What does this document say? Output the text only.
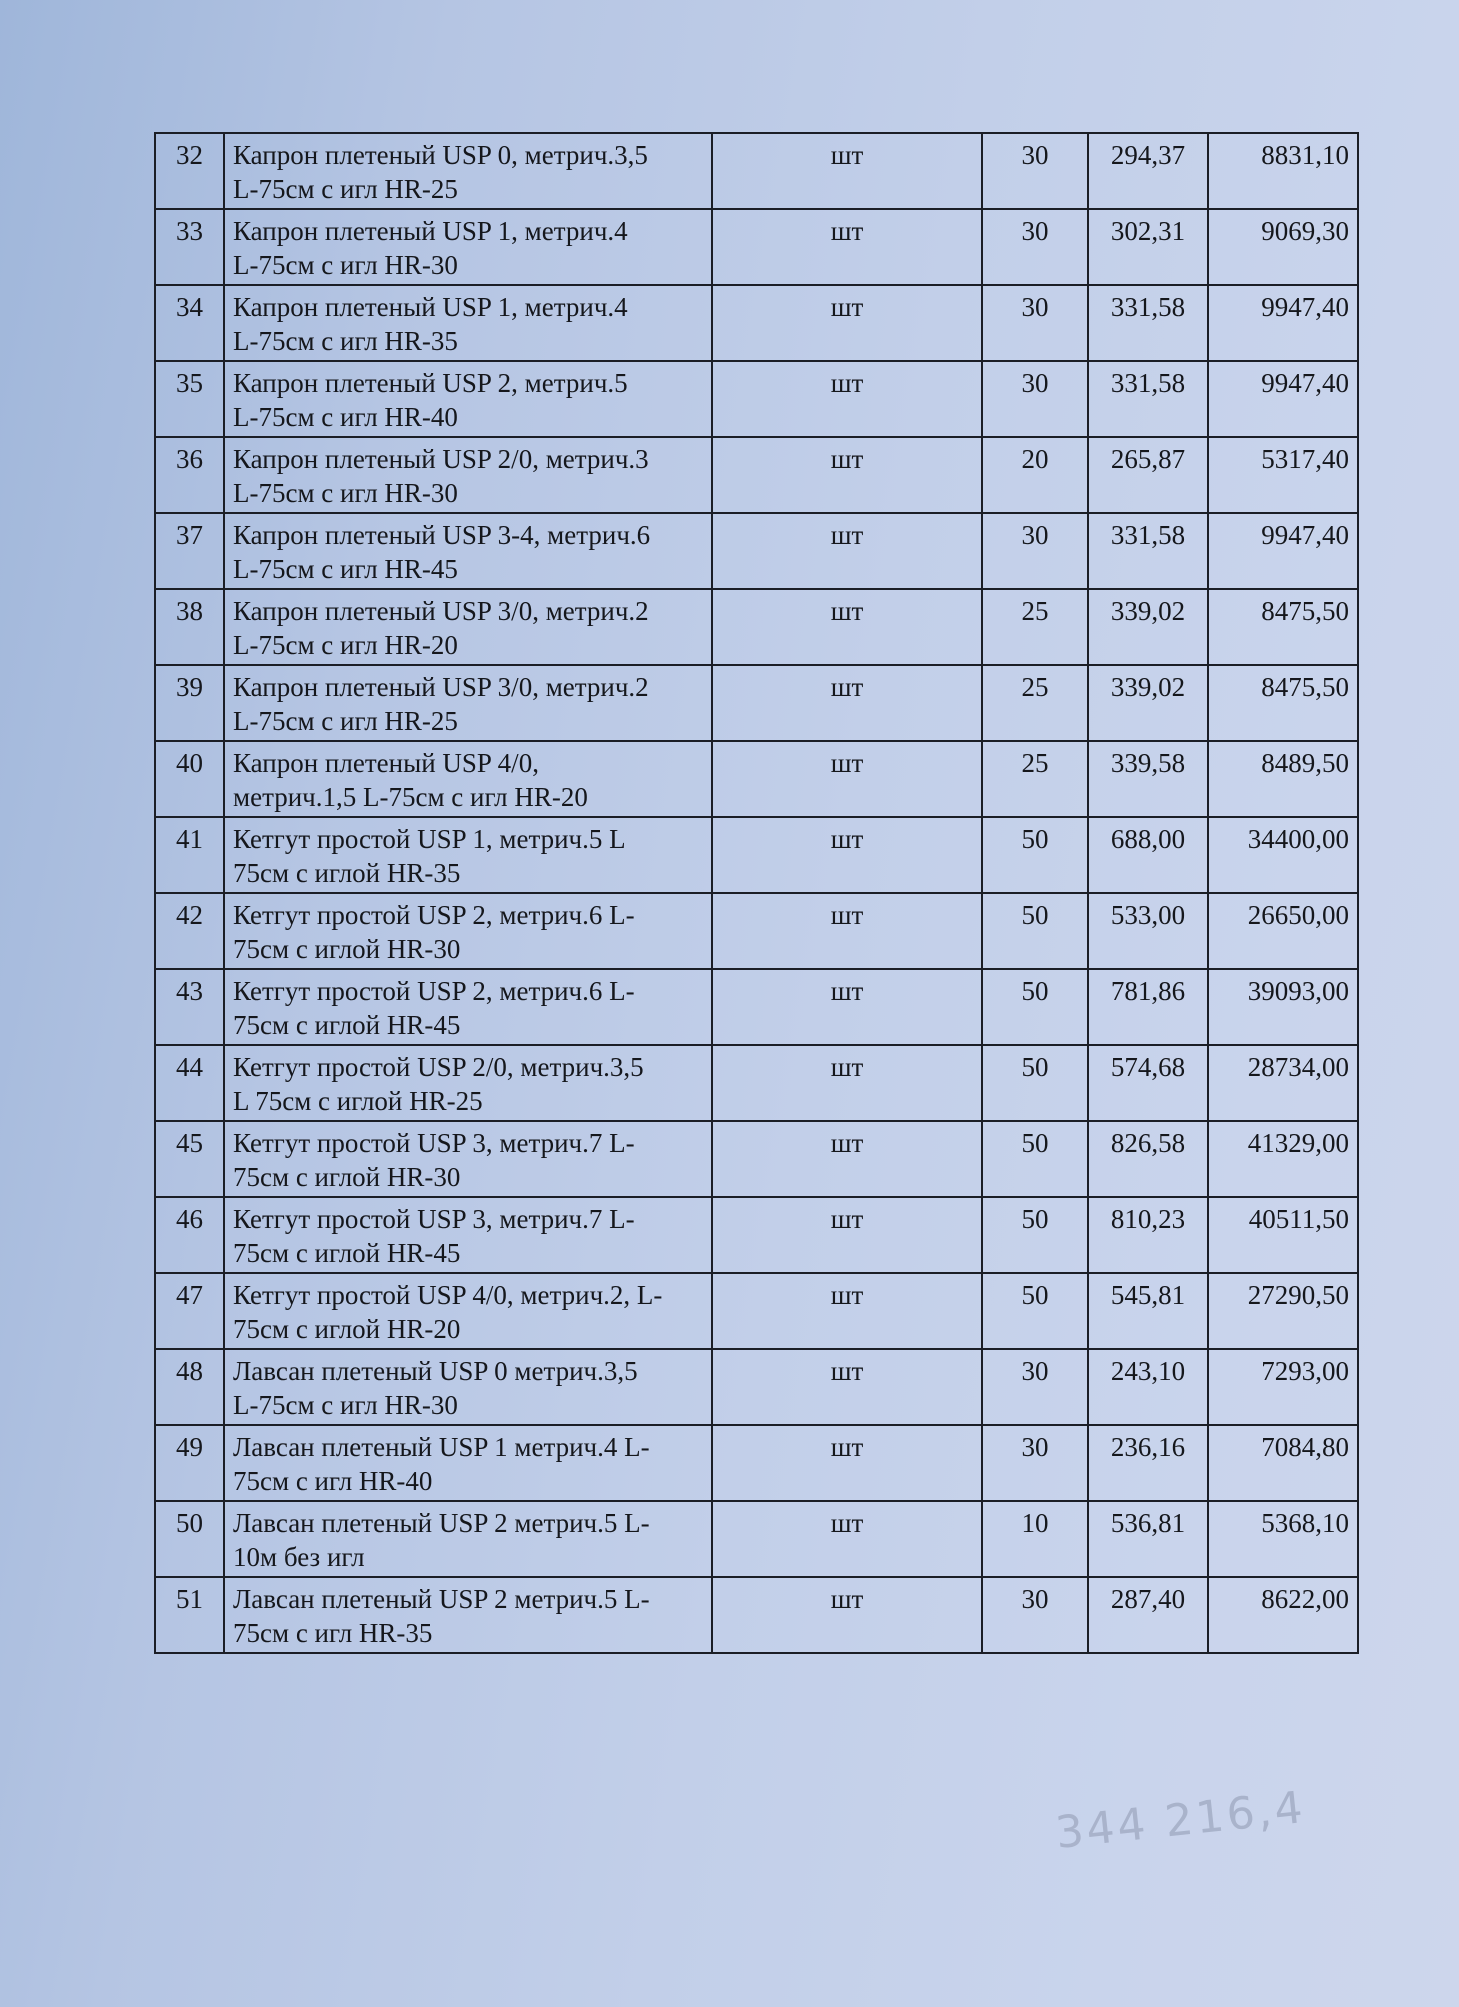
32	Капрон плетеный USP 0, метрич.3,5
L-75см с игл HR-25	шт	30	294,37	8831,10
33	Капрон плетеный USP 1, метрич.4
L-75см с игл HR-30	шт	30	302,31	9069,30
34	Капрон плетеный USP 1, метрич.4
L-75см с игл HR-35	шт	30	331,58	9947,40
35	Капрон плетеный USP 2, метрич.5
L-75см с игл HR-40	шт	30	331,58	9947,40
36	Капрон плетеный USP 2/0, метрич.3
L-75см с игл HR-30	шт	20	265,87	5317,40
37	Капрон плетеный USP 3-4, метрич.6
L-75см с игл HR-45	шт	30	331,58	9947,40
38	Капрон плетеный USP 3/0, метрич.2
L-75см с игл HR-20	шт	25	339,02	8475,50
39	Капрон плетеный USP 3/0, метрич.2
L-75см с игл HR-25	шт	25	339,02	8475,50
40	Капрон плетеный USP 4/0,
метрич.1,5 L-75см с игл HR-20	шт	25	339,58	8489,50
41	Кетгут простой USP 1, метрич.5 L
75см с иглой HR-35	шт	50	688,00	34400,00
42	Кетгут простой USP 2, метрич.6 L-
75см с иглой HR-30	шт	50	533,00	26650,00
43	Кетгут простой USP 2, метрич.6 L-
75см с иглой HR-45	шт	50	781,86	39093,00
44	Кетгут простой USP 2/0, метрич.3,5
L 75см с иглой HR-25	шт	50	574,68	28734,00
45	Кетгут простой USP 3, метрич.7 L-
75см с иглой HR-30	шт	50	826,58	41329,00
46	Кетгут простой USP 3, метрич.7 L-
75см с иглой HR-45	шт	50	810,23	40511,50
47	Кетгут простой USP 4/0, метрич.2, L-
75см с иглой HR-20	шт	50	545,81	27290,50
48	Лавсан плетеный USP 0 метрич.3,5
L-75см с игл HR-30	шт	30	243,10	7293,00
49	Лавсан плетеный USP 1 метрич.4 L-
75см с игл HR-40	шт	30	236,16	7084,80
50	Лавсан плетеный USP 2 метрич.5 L-
10м без игл	шт	10	536,81	5368,10
51	Лавсан плетеный USP 2 метрич.5 L-
75см с игл HR-35	шт	30	287,40	8622,00
344 216,4
